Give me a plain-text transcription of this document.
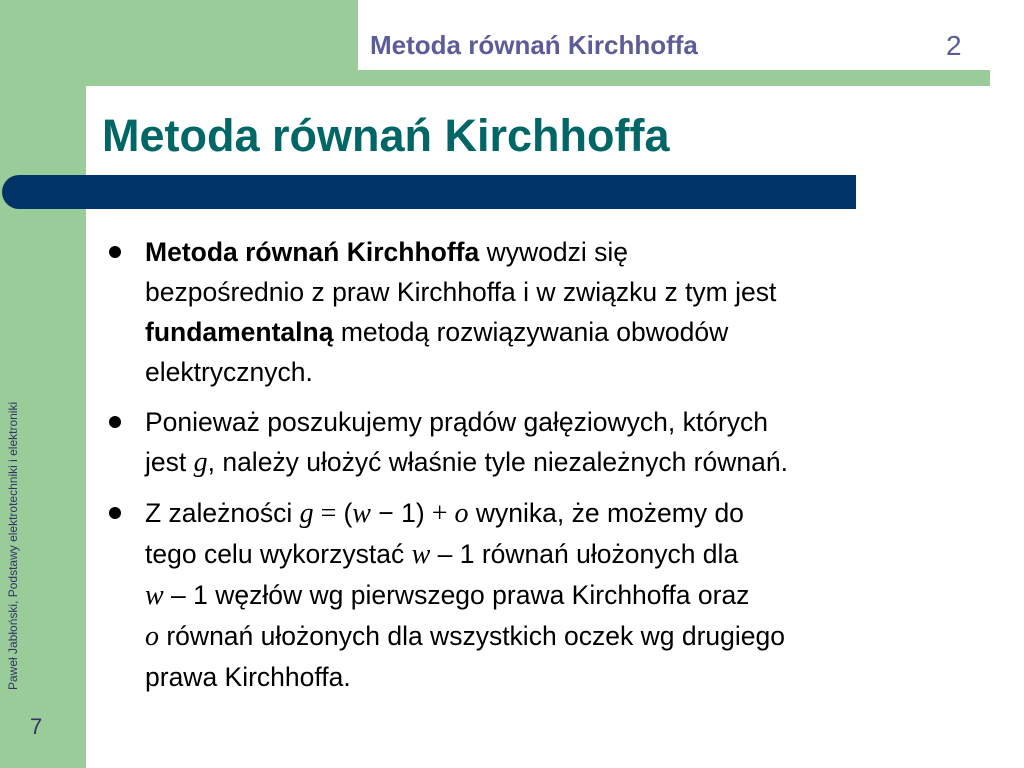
Metoda równań Kirchhoffa	2
Metoda równań Kirchhoffa
Paweł Jabłoński, Podstawy elektrotechniki i elektroniki
7
Metoda równań Kirchhoffa wywodzi się
bezpośrednio z praw Kirchhoffa i w związku z tym jest
fundamentalną metodą rozwiązywania obwodów
elektrycznych.
Ponieważ poszukujemy prądów gałęziowych, których
jest g, należy ułożyć właśnie tyle niezależnych równań.
Z zależności g = (w − 1) + o wynika, że możemy do
tego celu wykorzystać w – 1 równań ułożonych dla
w – 1 węzłów wg pierwszego prawa Kirchhoffa oraz
o równań ułożonych dla wszystkich oczek wg drugiego
prawa Kirchhoffa.
